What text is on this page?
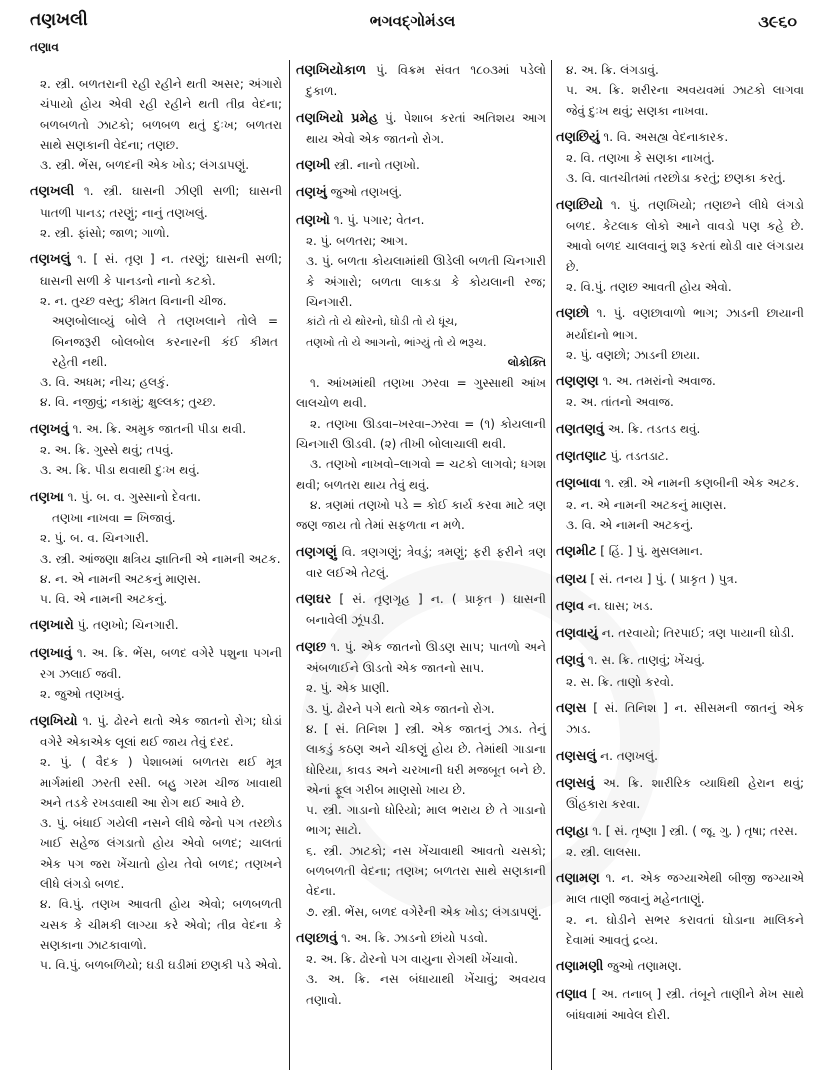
તણખલી
તણાવ
ભગવદ્ગોમંડલ	૩૯૬૦
૨. સ્ત્રી. બળતરાની રહી રહીને થતી અસર; અંગારો ચંપાયો હોય એવી રહી રહીને થતી તીવ્ર વેદના; બળબળતો ઝાટકો; બળબળ થતું દુઃખ; બળતરા સાથે સણકાની વેદના; તણછ.
૩. સ્ત્રી. ભેંસ, બળદની એક ખોડ; લંગડાપણું.
તણખલી ૧. સ્ત્રી. ઘાસની ઝીણી સળી; ઘાસની પાતળી પાનડ; તરણું; નાનું તણખલું.
૨. સ્ત્રી. ફાંસો; જાળ; ગાળો.
તણખલું ૧. [ સં. તૃણ ] ન. તરણું; ઘાસની સળી; ઘાસની સળી કે પાનડનો નાનો કટકો.
૨. ન. તુચ્છ વસ્તુ; કીમત વિનાની ચીજ.
અણબોલાવ્યું બોલે તે તણખલાને તોલે = બિનજરૂરી બોલબોલ કરનારની કંઈ કીમત રહેતી નથી.
૩. વિ. અધમ; નીચ; હલકું.
૪. વિ. નજીવું; નકામું; ક્ષુલ્લક; તુચ્છ.
તણખવું ૧. અ. ક્રિ. અમુક જાતની પીડા થવી.
૨. અ. ક્રિ. ગુસ્સે થવું; તપવું.
૩. અ. ક્રિ. પીડા થવાથી દુઃખ થવું.
તણખા ૧. પું. બ. વ. ગુસ્સાનો દેવતા.
તણખા નાખવા = ખિજાવું.
૨. પું. બ. વ. ચિનગારી.
૩. સ્ત્રી. આંજણા ક્ષત્રિય જ્ઞાતિની એ નામની અટક.
૪. ન. એ નામની અટકનું માણસ.
૫. વિ. એ નામની અટકનું.
તણખારો પું. તણખો; ચિનગારી.
તણખાવું ૧. અ. ક્રિ. ભેંસ, બળદ વગેરે પશુના પગની રગ ઝલાઈ જવી.
૨. જુઓ તણખવું.
તણખિયો ૧. પું. ઢોરને થતો એક જાતનો રોગ; ઘોડાં વગેરે એકાએક લૂલાં થઈ જાય તેવું દરદ.
૨. પું. ( વૈદક ) પેશાબમાં બળતરા થઈ મૂત્ર માર્ગમાંથી ઝરતી રસી. બહુ ગરમ ચીજ ખાવાથી અને તડકે રખડવાથી આ રોગ થઈ આવે છે.
૩. પું. બંધાઈ ગયેલી નસને લીધે જેનો પગ તરછોડ ખાઈ સહેજ લંગડાતો હોય એવો બળદ; ચાલતાં એક પગ જરા ખેંચાતો હોય તેવો બળદ; તણખને લીધે લંગડો બળદ.
૪. વિ.પું. તણખ આવતી હોય એવો; બળબળતી ચસક કે ચીમકી લાગ્યા કરે એવો; તીવ્ર વેદના કે સણકાના ઝાટકાવાળો.
૫. વિ.પું. બળબળિયો; ઘડી ઘડીમાં છણકી પડે એવો.
તણખિયોકાળ પું. વિક્રમ સંવત ૧૮૦૩માં પડેલો દુકાળ.
તણખિયો પ્રમેહ પું. પેશાબ કરતાં અતિશય આગ થાય એવો એક જાતનો રોગ.
તણખી સ્ત્રી. નાનો તણખો.
તણખું જુઓ તણખલું.
તણખો ૧. પું. પગાર; વેતન.
૨. પું. બળતરા; આગ.
૩. પું. બળતા કોયલામાંથી ઊડેલી બળતી ચિનગારી કે અંગારો; બળતા લાકડા કે કોયલાની રજ; ચિનગારી.
કાંટો તો યે થોરનો, ઘોડી તો યે ધૂંચ,
તણખો તો યે આગનો, ભાંગ્યું તો યે ભરૂચ.
લોકોક્તિ
૧. આંખમાંથી તણખા ઝરવા = ગુસ્સાથી આંખ લાલચોળ થવી.
૨. તણખા ઊડવા–ખરવા–ઝરવા = (૧) કોયલાની ચિનગારી ઊડવી. (૨) તીખી બોલાચાલી થવી.
૩. તણખો નાખવો–લાગવો = ચટકો લાગવો; ધગશ થવી; બળતરા થાય તેવું થવું.
૪. ત્રણમાં તણખો પડે = કોઈ કાર્ય કરવા માટે ત્રણ જણ જાય તો તેમાં સફળતા ન મળે.
તણગણું વિ. ત્રણગણું; ત્રેવડું; ત્રમણું; ફરી ફરીને ત્રણ વાર લઈએ તેટલું.
તણઘર [ સં. તૃણગૃહ ] ન. ( પ્રાકૃત ) ઘાસની બનાવેલી ઝૂંપડી.
તણછ ૧. પું. એક જાતનો ઊડણ સાપ; પાતળો અને અંબળાઈને ઊડતો એક જાતનો સાપ.
૨. પું. એક પ્રાણી.
૩. પું. ઢોરને પગે થતો એક જાતનો રોગ.
૪. [ સં. તિનિશ ] સ્ત્રી. એક જાતનું ઝાડ. તેનું લાકડું કઠણ અને ચીકણું હોય છે. તેમાંથી ગાડાના ધોરિયા, કાવડ અને ચરખાની ધરી મજબૂત બને છે. એનાં ફૂલ ગરીબ માણસો ખાય છે.
૫. સ્ત્રી. ગાડાનો ધોરિયો; માલ ભરાય છે તે ગાડાનો ભાગ; સાટો.
૬. સ્ત્રી. ઝાટકો; નસ ખેંચાવાથી આવતો ચસકો; બળબળતી વેદના; તણખ; બળતરા સાથે સણકાની વેદના.
૭. સ્ત્રી. ભેંસ, બળદ વગેરેની એક ખોડ; લંગડાપણું.
તણછાવું ૧. અ. ક્રિ. ઝાડનો છાંયો પડવો.
૨. અ. ક્રિ. ઢોરનો પગ વાયુના રોગથી ખેંચાવો.
૩. અ. ક્રિ. નસ બંધાયાથી ખેંચાવું; અવયવ તણાવો.
૪. અ. ક્રિ. લંગડાવું.
૫. અ. ક્રિ. શરીરના અવયવમાં ઝાટકો લાગવા જેવું દુઃખ થવું; સણકા નાખવા.
તણછિયું ૧. વિ. અસહ્ય વેદનાકારક.
૨. વિ. તણખા કે સણકા નાખતું.
૩. વિ. વાતચીતમાં તરછોડા કરતું; છણકા કરતું.
તણછિયો ૧. પું. તણખિયો; તણછને લીધે લંગડો બળદ. કેટલાક લોકો આને વાવડો પણ કહે છે. આવો બળદ ચાલવાનું શરૂ કરતાં થોડી વાર લંગડાય છે.
૨. વિ.પું. તણછ આવતી હોય એવો.
તણછો ૧. પું. વણછાવાળો ભાગ; ઝાડની છાયાની મર્યાદાનો ભાગ.
૨. પું. વણછો; ઝાડની છાયા.
તણણણ ૧. અ. તમરાંનો અવાજ.
૨. અ. તાંતનો અવાજ.
તણતણવું અ. ક્રિ. તડતડ થવું.
તણતણાટ પું. તડતડાટ.
તણબાવા ૧. સ્ત્રી. એ નામની કણબીની એક અટક.
૨. ન. એ નામની અટકનું માણસ.
૩. વિ. એ નામની અટકનું.
તણમીટ [ હિં. ] પું. મુસલમાન.
તણય [ સં. તનય ] પું. ( પ્રાકૃત ) પુત્ર.
તણવ ન. ઘાસ; ખડ.
તણવાયું ન. તરવાયો; તિરપાઈ; ત્રણ પાયાની ઘોડી.
તણવું ૧. સ. ક્રિ. તાણવું; ખેંચવું.
૨. સ. ક્રિ. તાણો કરવો.
તણસ [ સં. તિનિશ ] ન. સીસમની જાતનું એક ઝાડ.
તણસલું ન. તણખલું.
તણસવું અ. ક્રિ. શારીરિક વ્યાધિથી હેરાન થવું; ઊંહકારા કરવા.
તણહા ૧. [ સં. તૃષ્ણા ] સ્ત્રી. ( જૂ. ગુ. ) તૃષા; તરસ.
૨. સ્ત્રી. લાલસા.
તણામણ ૧. ન. એક જગ્યાએથી બીજી જગ્યાએ માલ તાણી જવાનું મહેનતાણું.
૨. ન. ઘોડીને સભર કરાવતાં ઘોડાના માલિકને દેવામાં આવતું દ્રવ્ય.
તણામણી જુઓ તણામણ.
તણાવ [ અ. તનાબ્ ] સ્ત્રી. તંબૂને તાણીને મેખ સાથે બાંધવામાં આવેલ દોરી.
